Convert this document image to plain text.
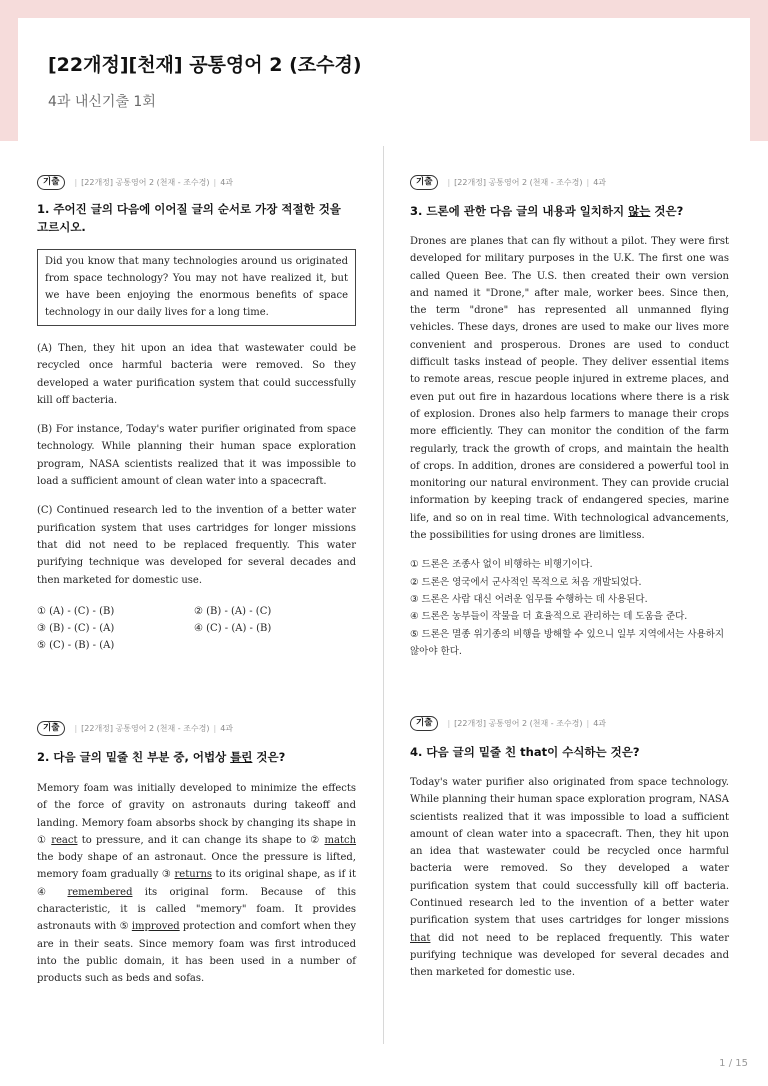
[22개정][천재] 공통영어 2 (조수경)
4과 내신기출 1회
기출	| [22개정] 공통영어 2 (천재 - 조수경) | 4과
1. 주어진 글의 다음에 이어질 글의 순서로 가장 적절한 것을 고르시오.
Did you know that many technologies around us originated from space technology? You may not have realized it, but we have been enjoying the enormous benefits of space technology in our daily lives for a long time.
(A) Then, they hit upon an idea that wastewater could be recycled once harmful bacteria were removed. So they developed a water purification system that could successfully kill off bacteria.
(B) For instance, Today's water purifier originated from space technology. While planning their human space exploration program, NASA scientists realized that it was impossible to load a sufficient amount of clean water into a spacecraft.
(C) Continued research led to the invention of a better water purification system that uses cartridges for longer missions that did not need to be replaced frequently. This water purifying technique was developed for several decades and then marketed for domestic use.
① (A) - (C) - (B)	② (B) - (A) - (C)
③ (B) - (C) - (A)	④ (C) - (A) - (B)
⑤ (C) - (B) - (A)
기출	| [22개정] 공통영어 2 (천재 - 조수경) | 4과
2. 다음 글의 밑줄 친 부분 중, 어법상 틀린 것은?
Memory foam was initially developed to minimize the effects of the force of gravity on astronauts during takeoff and landing. Memory foam absorbs shock by changing its shape in ① react to pressure, and it can change its shape to ② match the body shape of an astronaut. Once the pressure is lifted, memory foam gradually ③ returns to its original shape, as if it ④ remembered its original form. Because of this characteristic, it is called "memory" foam. It provides astronauts with ⑤ improved protection and comfort when they are in their seats. Since memory foam was first introduced into the public domain, it has been used in a number of products such as beds and sofas.
기출	| [22개정] 공통영어 2 (천재 - 조수경) | 4과
3. 드론에 관한 다음 글의 내용과 일치하지 않는 것은?
Drones are planes that can fly without a pilot. They were first developed for military purposes in the U.K. The first one was called Queen Bee. The U.S. then created their own version and named it "Drone," after male, worker bees. Since then, the term "drone" has represented all unmanned flying vehicles. These days, drones are used to make our lives more convenient and prosperous. Drones are used to conduct difficult tasks instead of people. They deliver essential items to remote areas, rescue people injured in extreme places, and even put out fire in hazardous locations where there is a risk of explosion. Drones also help farmers to manage their crops more efficiently. They can monitor the condition of the farm regularly, track the growth of crops, and maintain the health of crops. In addition, drones are considered a powerful tool in monitoring our natural environment. They can provide crucial information by keeping track of endangered species, marine life, and so on in real time. With technological advancements, the possibilities for using drones are limitless.
① 드론은 조종사 없이 비행하는 비행기이다.
② 드론은 영국에서 군사적인 목적으로 처음 개발되었다.
③ 드론은 사람 대신 어려운 임무를 수행하는 데 사용된다.
④ 드론은 농부들이 작물을 더 효율적으로 관리하는 데 도움을 준다.
⑤ 드론은 멸종 위기종의 비행을 방해할 수 있으니 일부 지역에서는 사용하지 않아야 한다.
기출	| [22개정] 공통영어 2 (천재 - 조수경) | 4과
4. 다음 글의 밑줄 친 that이 수식하는 것은?
Today's water purifier also originated from space technology. While planning their human space exploration program, NASA scientists realized that it was impossible to load a sufficient amount of clean water into a spacecraft. Then, they hit upon an idea that wastewater could be recycled once harmful bacteria were removed. So they developed a water purification system that could successfully kill off bacteria. Continued research led to the invention of a better water purification system that uses cartridges for longer missions that did not need to be replaced frequently. This water purifying technique was developed for several decades and then marketed for domestic use.
1 / 15
